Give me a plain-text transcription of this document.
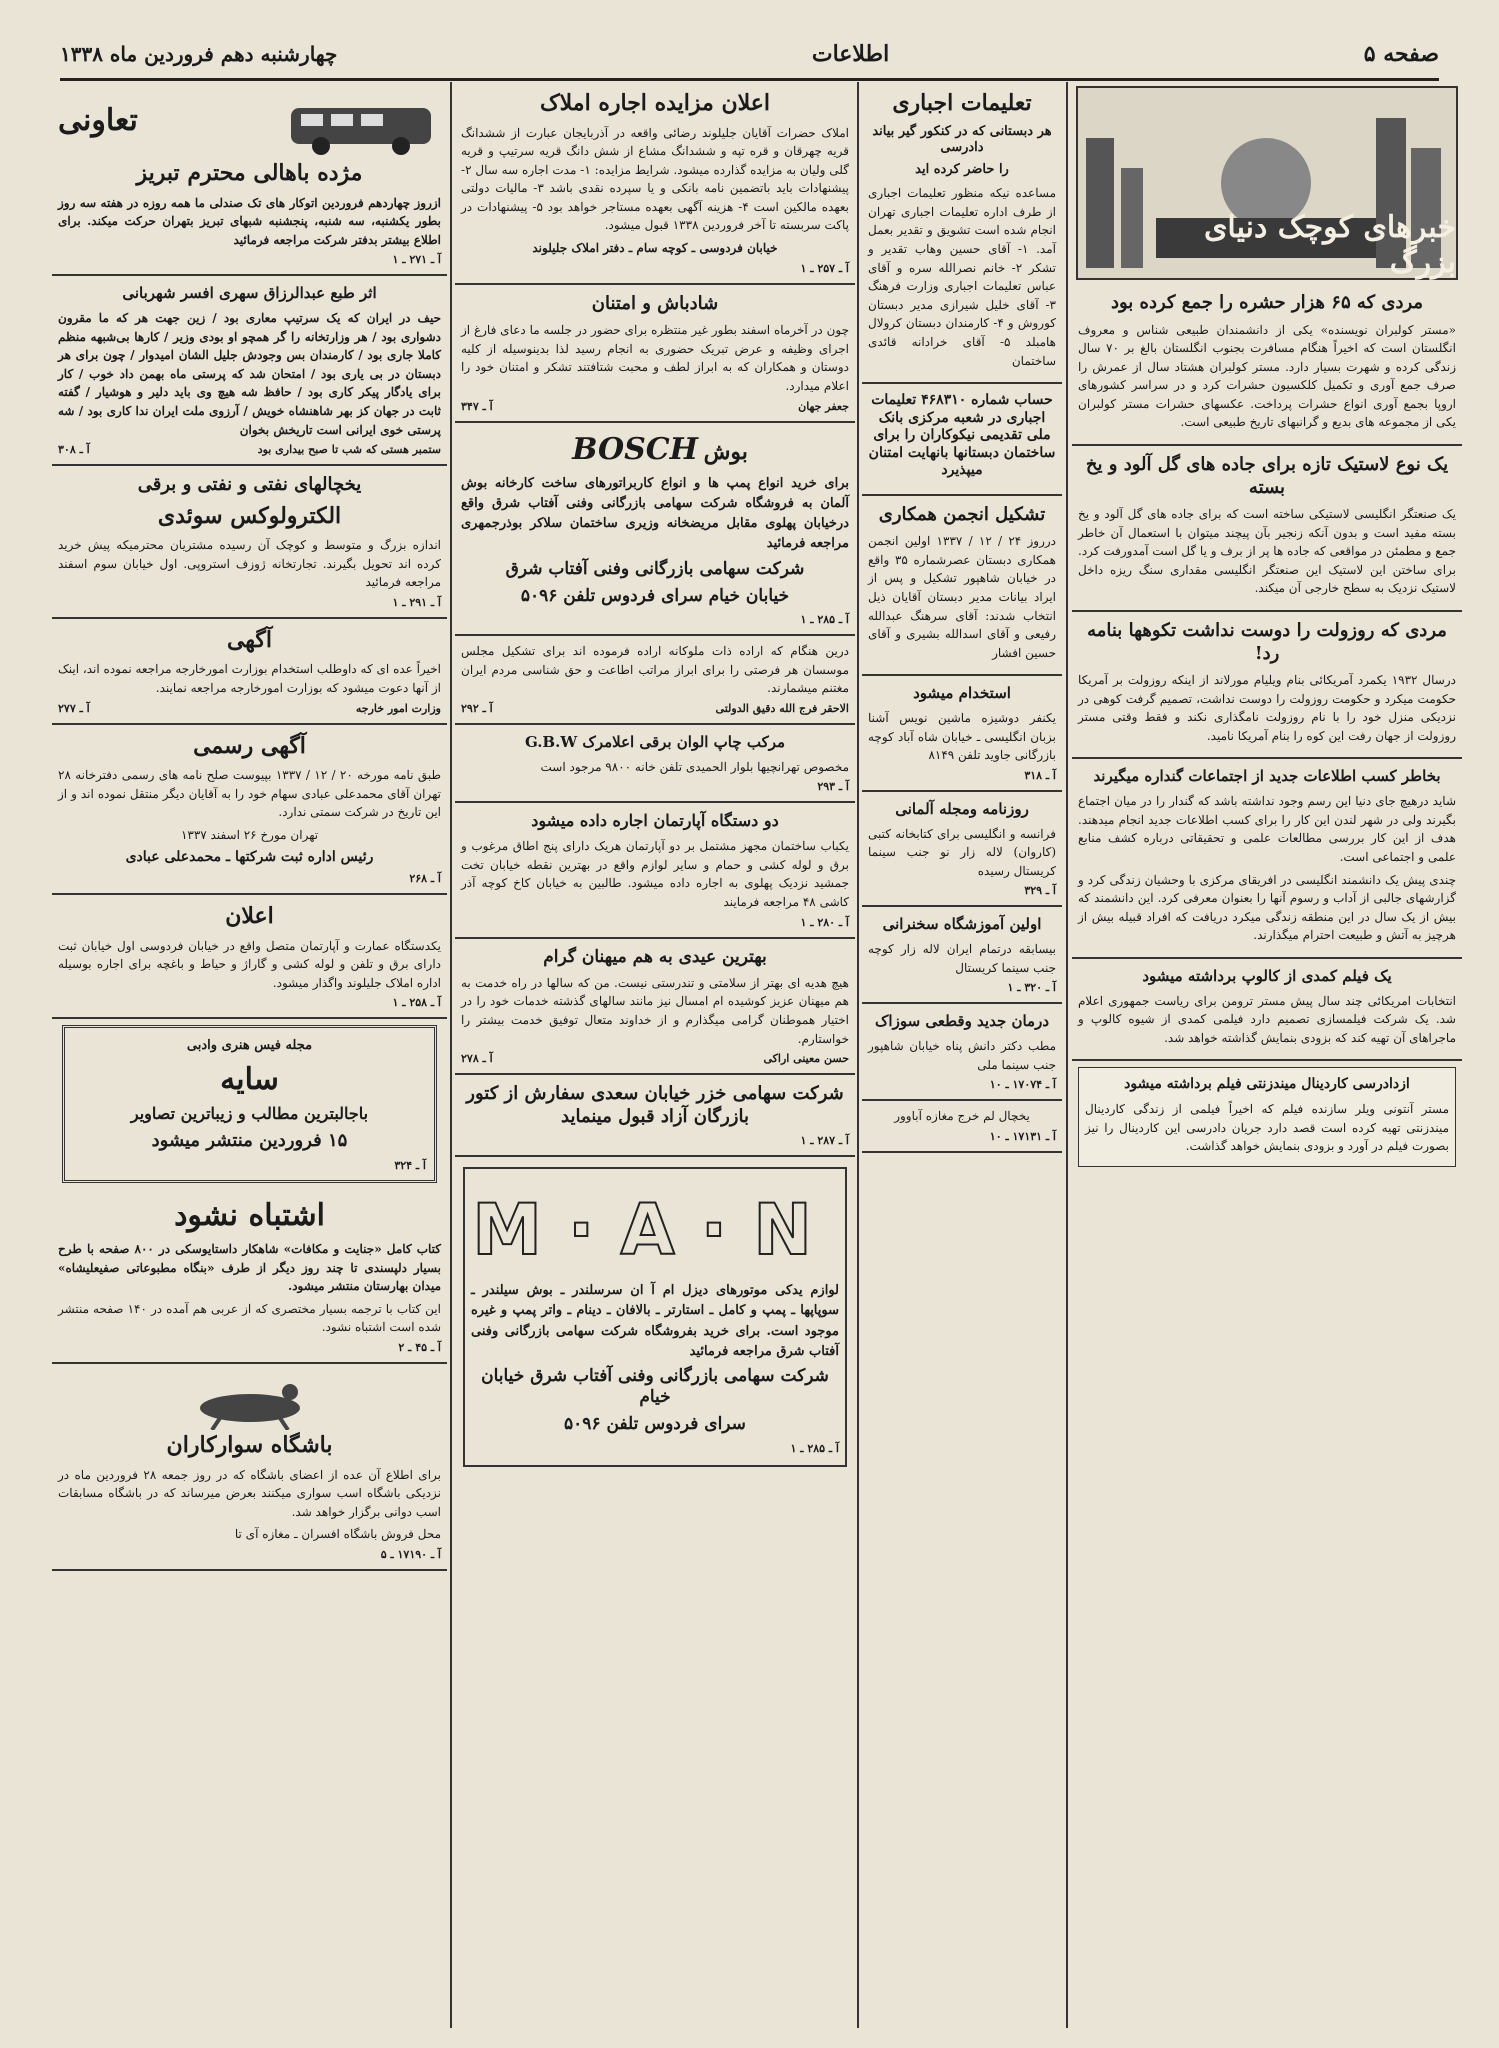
صفحه ۵
اطلاعات
چهارشنبه دهم فروردین ماه ۱۳۳۸
خبرهای کوچک دنیای بزرگ
مردی که ۶۵ هزار حشره را جمع کرده بود

«مستر کولبران نویسنده» یکی از دانشمندان طبیعی شناس و معروف انگلستان است که اخیراً هنگام مسافرت بجنوب انگلستان بالغ بر ۷۰ سال زندگی کرده و شهرت بسیار دارد. مستر کولبران هشتاد سال از عمرش را صرف جمع آوری و تکمیل کلکسیون حشرات کرد و در سراسر کشورهای اروپا بجمع آوری انواع حشرات پرداخت. عکسهای حشرات مستر کولبران یکی از مجموعه های بدیع و گرانبهای تاریخ طبیعی است.

یک نوع لاستیک تازه برای جاده های گل آلود و یخ بسته

یک صنعتگر انگلیسی لاستیکی ساخته است که برای جاده های گل آلود و یخ بسته مفید است و بدون آنکه زنجیر بآن پیچند میتوان با استعمال آن خاطر جمع و مطمئن در مواقعی که جاده ها پر از برف و یا گل است آمدورفت کرد. برای ساختن این لاستیک این صنعتگر انگلیسی مقداری سنگ ریزه داخل لاستیک نزدیک به سطح خارجی آن میکند.

مردی که روزولت را دوست نداشت تکوهها بنامه رد!

درسال ۱۹۳۲ یکمرد آمریکائی بنام ویلیام مورلاند از اینکه روزولت بر آمریکا حکومت میکرد و حکومت روزولت را دوست نداشت، تصمیم گرفت کوهی در نزدیکی منزل خود را با نام روزولت نامگذاری نکند و فقط وقتی مستر روزولت از جهان رفت این کوه را بنام آمریکا نامید.

بخاطر کسب اطلاعات جدید از اجتماعات گنداره میگیرند

شاید درهیچ جای دنیا این رسم وجود نداشته باشد که گندار را در میان اجتماع بگیرند ولی در شهر لندن این کار را برای کسب اطلاعات جدید انجام میدهند. هدف از این کار بررسی مطالعات علمی و تحقیقاتی درباره کشف منابع علمی و اجتماعی است.

چندی پیش یک دانشمند انگلیسی در افریقای مرکزی با وحشیان زندگی کرد و گزارشهای جالبی از آداب و رسوم آنها را بعنوان معرفی کرد. این دانشمند که بیش از یک سال در این منطقه زندگی میکرد دریافت که افراد قبیله بیش از هرچیز به آتش و طبیعت احترام میگذارند.

یک فیلم کمدی از کالوپ برداشته میشود

انتخابات امریکائی چند سال پیش مستر ترومن برای ریاست جمهوری اعلام شد. یک شرکت فیلمسازی تصمیم دارد فیلمی کمدی از شیوه کالوپ و ماجراهای آن تهیه کند که بزودی بنمایش گذاشته خواهد شد.

ازدادرسی کاردینال میندزنتی فیلم برداشته میشود

مستر آنتونی ویلر سازنده فیلم که اخیراً فیلمی از زندگی کاردینال میندزنتی تهیه کرده است قصد دارد جریان دادرسی این کاردینال را نیز بصورت فیلم در آورد و بزودی بنمایش خواهد گذاشت.

تعلیمات اجباری
هر دبستانی که در کنکور گیر بیاند دادرسی
را حاضر کرده اید

مساعده نیکه منظور تعلیمات اجباری از طرف اداره تعلیمات اجباری تهران انجام شده است تشویق و تقدیر بعمل آمد. ۱- آقای حسین وهاب تقدیر و تشکر ۲- خانم نصرالله سره و آقای عباس تعلیمات اجباری وزارت فرهنگ ۳- آقای خلیل شیرازی مدیر دبستان کوروش و ۴- کارمندان دبستان کرولال هامبلد ۵- آقای خرادانه قائدی ساختمان

حساب شماره ۴۶۸۳۱۰ تعلیمات اجباری در شعبه مرکزی بانک ملی تقدیمی نیکوکاران را برای ساختمان دبستانها بانهایت امتنان میپذیرد
تشکیل انجمن همکاری

درروز ۲۴ / ۱۲ / ۱۳۳۷ اولین انجمن همکاری دبستان عصرشماره ۳۵ واقع در خیابان شاهپور تشکیل و پس از ایراد بیانات مدیر دبستان آقایان ذیل انتخاب شدند: آقای سرهنگ عبدالله رفیعی و آقای اسدالله بشیری و آقای حسین افشار

استخدام میشود

یکنفر دوشیزه ماشین نویس آشنا بزبان انگلیسی ـ خیابان شاه آباد کوچه بازرگانی جاوید تلفن ۸۱۴۹

آ ـ ۳۱۸
روزنامه ومجله آلمانی

فرانسه و انگلیسی برای کتابخانه کتبی (کاروان) لاله زار نو جنب سینما کریستال رسیده

آ ـ ۳۲۹
اولین آموزشگاه سخنرانی

بیسابقه درتمام ایران لاله زار کوچه جنب سینما کریستال

آ ـ ۳۲۰ ـ ۱
درمان جدید وقطعی سوزاک

مطب دکتر دانش پناه خیابان شاهپور جنب سینما ملی

آ ـ ۱۷۰۷۴ ـ ۱۰

یخچال لم خرج مغازه آباوور

آ ـ ۱۷۱۳۱ ـ ۱۰
اعلان مزایده اجاره املاک

املاک حضرات آقایان جلیلوند رضائی واقعه در آذربایجان عبارت از ششدانگ قریه چهرقان و قره تپه و ششدانگ مشاع از شش دانگ قریه سرتیپ و قریه گلی ولیان به مزایده گذارده میشود. شرایط مزایده: ۱- مدت اجاره سه سال ۲- پیشنهادات باید باتضمین نامه بانکی و یا سپرده نقدی باشد ۳- مالیات دولتی بعهده مالکین است ۴- هزینه آگهی بعهده مستاجر خواهد بود ۵- پیشنهادات در پاکت سربسته تا آخر فروردین ۱۳۳۸ قبول میشود.

خیابان فردوسی ـ کوچه سام ـ دفتر املاک جلیلوند

آ ـ ۲۵۷ ـ ۱
شادباش و امتنان

چون در آخرماه اسفند بطور غیر منتظره برای حضور در جلسه ما دعای فارغ از اجرای وظیفه و عرض تبریک حضوری به انجام رسید لذا بدینوسیله از کلیه دوستان و همکاران که به ابراز لطف و محبت شتافتند تشکر و امتنان خود را اعلام میدارد.

جعفر جهان
آ ـ ۳۴۷
بوش BOSCH

برای خرید انواع پمپ ها و انواع کاربراتورهای ساخت کارخانه بوش آلمان به فروشگاه شرکت سهامی بازرگانی وفنی آفتاب شرق واقع درخیابان پهلوی مقابل مریضخانه وزیری ساختمان سلاکر بوذرجمهری مراجعه فرمائید

شرکت سهامی بازرگانی وفنی آفتاب شرق
خیابان خیام سرای فردوس تلفن ۵۰۹۶
آ ـ ۲۸۵ ـ ۱

درین هنگام که اراده ذات ملوکانه اراده فرموده اند برای تشکیل مجلس موسسان هر فرصتی را برای ابراز مراتب اطاعت و حق شناسی مردم ایران مغتنم میشمارند.

الاحقر فرج الله دقیق الدولتی
آ ـ ۲۹۲
مرکب چاپ الوان برقی اعلامرک G.B.W

مخصوص تهرانچیها بلوار الحمیدی تلفن خانه ۹۸۰۰ مرجود است

آ ـ ۲۹۳
دو دستگاه آپارتمان اجاره داده میشود

یکباب ساختمان مجهز مشتمل بر دو آپارتمان هریک دارای پنج اطاق مرغوب و برق و لوله کشی و حمام و سایر لوازم واقع در بهترین نقطه خیابان تخت جمشید نزدیک پهلوی به اجاره داده میشود. طالبین به خیابان کاخ کوچه آذر کاشی ۴۸ مراجعه فرمایند

آ ـ ۲۸۰ ـ ۱
بهترین عیدی به هم میهنان گرام

هیچ هدیه ای بهتر از سلامتی و تندرستی نیست. من که سالها در راه خدمت به هم میهنان عزیز کوشیده ام امسال نیز مانند سالهای گذشته خدمات خود را در اختیار هموطنان گرامی میگذارم و از خداوند متعال توفیق خدمت بیشتر را خواستارم.

حسن معینی اراکی
آ ـ ۲۷۸
شرکت سهامی خزر خیابان سعدی سفارش از کتور بازرگان آزاد قبول مینماید
آ ـ ۲۸۷ ـ ۱
M·A·N

لوازم یدکی موتورهای دیزل ام آ ان سرسلندر ـ بوش سیلندر ـ سوپاپها ـ پمپ و کامل ـ استارتر ـ بالافان ـ دینام ـ واتر پمپ و غیره موجود است. برای خرید بفروشگاه شرکت سهامی بازرگانی وفنی آفتاب شرق مراجعه فرمائید

شرکت سهامی بازرگانی وفنی آفتاب شرق خیابان خیام
سرای فردوس تلفن ۵۰۹۶
آ ـ ۲۸۵ ـ ۱
تعاونی
مژده باهالی محترم تبریز

ازروز چهاردهم فروردین اتوکار های تک صندلی ما همه روزه در هفته سه روز بطور یکشنبه، سه شنبه، پنجشنبه شبهای تبریز بتهران حرکت میکند. برای اطلاع بیشتر بدفتر شرکت مراجعه فرمائید

آ ـ ۲۷۱ ـ ۱
اثر طبع عبدالرزاق سهری افسر شهربانی

حیف در ایران که یک سرتیپ معاری بود / زین جهت هر که ما مقرون دشواری بود / هر وزارتخانه را گر همچو او بودی وزیر / کارها بی‌شبهه منظم کاملا جاری بود / کارمندان بس وجودش جلیل الشان امیدوار / چون برای هر دبستان در بی یاری بود / امتحان شد که پرستی ماه بهمن داد خوب / کار برای یادگار پیکر کاری بود / حافظ شه هیچ وی باید دلیر و هوشیار / گفته ثابت در جهان کز بهر شاهنشاه خویش / آرزوی ملت ایران ندا کاری بود / شه پرستی خوی ایرانی است تاریخش بخوان

ستمبر هستی که شب تا صبح بیداری بود
آ ـ ۳۰۸
یخچالهای نفتی و نفتی و برقی
الکترولوکس سوئدی

اندازه بزرگ و متوسط و کوچک آن رسیده مشتریان محترمیکه پیش خرید کرده اند تحویل بگیرند. تجارتخانه ژوزف استروپی. اول خیابان سوم اسفند مراجعه فرمائید

آ ـ ۲۹۱ ـ ۱
آگهی

اخیراً عده ای که داوطلب استخدام بوزارت امورخارجه مراجعه نموده اند، اینک از آنها دعوت میشود که بوزارت امورخارجه مراجعه نمایند.

وزارت امور خارجه
آ ـ ۲۷۷
آگهی رسمی

طبق نامه مورخه ۲۰ / ۱۲ / ۱۳۳۷ بپیوست صلح نامه های رسمی دفترخانه ۲۸ تهران آقای محمدعلی عبادی سهام خود را به آقایان دیگر منتقل نموده اند و از این تاریخ در شرکت سمتی ندارد.

تهران مورخ ۲۶ اسفند ۱۳۳۷

رئیس اداره ثبت شرکتها ـ محمدعلی عبادی
آ ـ ۲۶۸
اعلان

یکدستگاه عمارت و آپارتمان متصل واقع در خیابان فردوسی اول خیابان ثبت دارای برق و تلفن و لوله کشی و گاراژ و حیاط و باغچه برای اجاره بوسیله اداره املاک جلیلوند واگذار میشود.

آ ـ ۲۵۸ ـ ۱
مجله فیس هنری وادبی
سایه
باجالبترین مطالب و زیباترین تصاویر
۱۵ فروردین منتشر میشود
آ ـ ۳۲۴
اشتباه نشود

کتاب کامل «جنایت و مکافات» شاهکار داستایوسکی در ۸۰۰ صفحه با طرح بسیار دلپسندی تا چند روز دیگر از طرف «بنگاه مطبوعاتی صفیعلیشاه» میدان بهارستان منتشر میشود.

این کتاب با ترجمه بسیار مختصری که از عربی هم آمده در ۱۴۰ صفحه منتشر شده است اشتباه نشود.

آ ـ ۴۵ ـ ۲
باشگاه سوارکاران

برای اطلاع آن عده از اعضای باشگاه که در روز جمعه ۲۸ فروردین ماه در نزدیکی باشگاه اسب سواری میکنند بعرض میرساند که در باشگاه مسابقات اسب دوانی برگزار خواهد شد.

محل فروش باشگاه افسران ـ مغازه آی تا

آ ـ ۱۷۱۹۰ ـ ۵
